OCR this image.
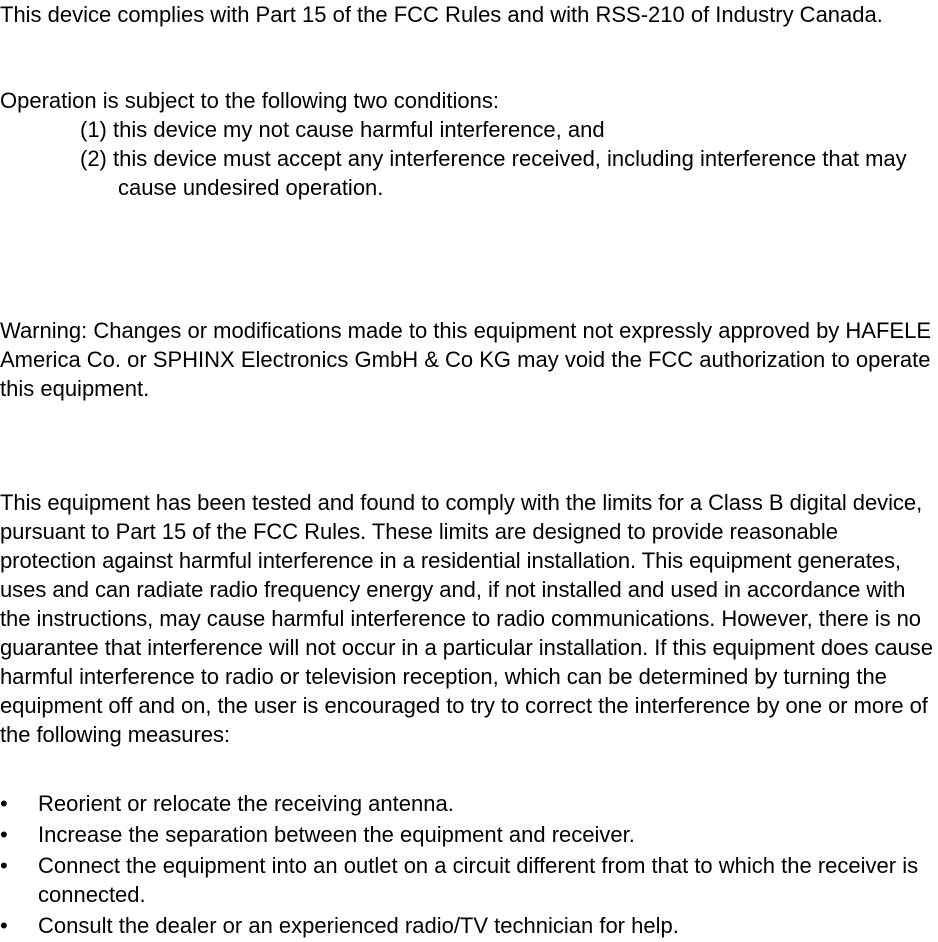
This device complies with Part 15 of the FCC Rules and with RSS-210 of Industry Canada.

Operation is subject to the following two conditions:

(1) this device my not cause harmful interference, and

(2) this device must accept any interference received, including interference that may cause undesired operation.

Warning: Changes or modifications made to this equipment not expressly approved by HAFELE America Co. or SPHINX Electronics GmbH & Co KG may void the FCC authorization to operate this equipment.

This equipment has been tested and found to comply with the limits for a Class B digital device, pursuant to Part 15 of the FCC Rules. These limits are designed to provide reasonable protection against harmful interference in a residential installation. This equipment generates, uses and can radiate radio frequency energy and, if not installed and used in accordance with the instructions, may cause harmful interference to radio communications. However, there is no guarantee that interference will not occur in a particular installation. If this equipment does cause harmful interference to radio or television reception, which can be determined by turning the equipment off and on, the user is encouraged to try to correct the interference by one or more of the following measures:

•	Reorient or relocate the receiving antenna.
•	Increase the separation between the equipment and receiver.
•	Connect the equipment into an outlet on a circuit different from that to which the receiver is connected.
•	Consult the dealer or an experienced radio/TV technician for help.
